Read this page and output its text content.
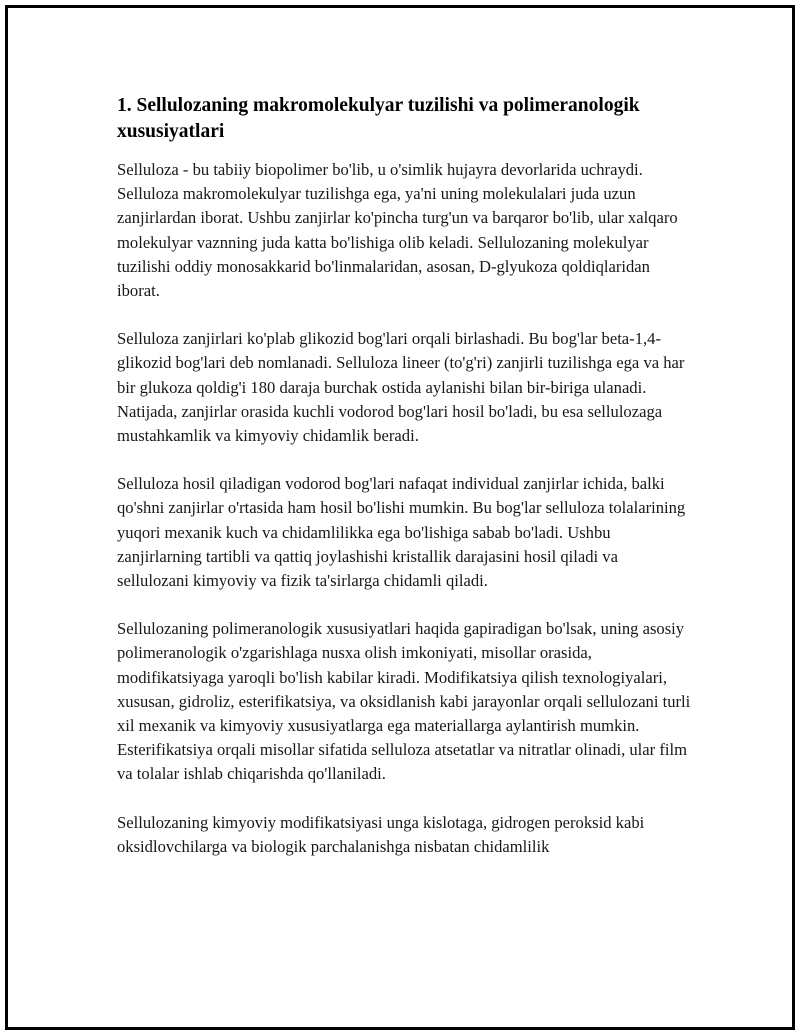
1. Sellulozaning makromolekulyar tuzilishi va polimeranologik xususiyatlari

Selluloza - bu tabiiy biopolimer bo'lib, u o'simlik hujayra devorlarida uchraydi. Selluloza makromolekulyar tuzilishga ega, ya'ni uning molekulalari juda uzun zanjirlardan iborat. Ushbu zanjirlar ko'pincha turg'un va barqaror bo'lib, ular xalqaro molekulyar vaznning juda katta bo'lishiga olib keladi. Sellulozaning molekulyar tuzilishi oddiy monosakkarid bo'linmalaridan, asosan, D-glyukoza qoldiqlaridan iborat.

Selluloza zanjirlari ko'plab glikozid bog'lari orqali birlashadi. Bu bog'lar beta-1,4-glikozid bog'lari deb nomlanadi. Selluloza lineer (to'g'ri) zanjirli tuzilishga ega va har bir glukoza qoldig'i 180 daraja burchak ostida aylanishi bilan bir-biriga ulanadi. Natijada, zanjirlar orasida kuchli vodorod bog'lari hosil bo'ladi, bu esa sellulozaga mustahkamlik va kimyoviy chidamlik beradi.

Selluloza hosil qiladigan vodorod bog'lari nafaqat individual zanjirlar ichida, balki qo'shni zanjirlar o'rtasida ham hosil bo'lishi mumkin. Bu bog'lar selluloza tolalarining yuqori mexanik kuch va chidamlilikka ega bo'lishiga sabab bo'ladi. Ushbu zanjirlarning tartibli va qattiq joylashishi kristallik darajasini hosil qiladi va sellulozani kimyoviy va fizik ta'sirlarga chidamli qiladi.

Sellulozaning polimeranologik xususiyatlari haqida gapiradigan bo'lsak, uning asosiy polimeranologik o'zgarishlaga nusxa olish imkoniyati, misollar orasida, modifikatsiyaga yaroqli bo'lish kabilar kiradi. Modifikatsiya qilish texnologiyalari, xususan, gidroliz, esterifikatsiya, va oksidlanish kabi jarayonlar orqali sellulozani turli xil mexanik va kimyoviy xususiyatlarga ega materiallarga aylantirish mumkin. Esterifikatsiya orqali misollar sifatida selluloza atsetatlar va nitratlar olinadi, ular film va tolalar ishlab chiqarishda qo'llaniladi.

Sellulozaning kimyoviy modifikatsiyasi unga kislotaga, gidrogen peroksid kabi oksidlovchilarga va biologik parchalanishga nisbatan chidamlilik
